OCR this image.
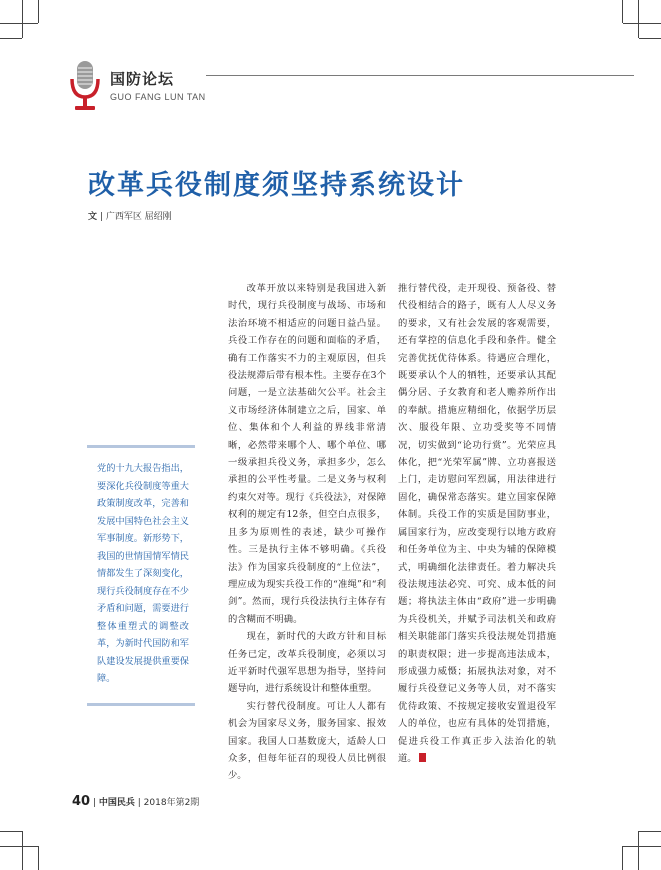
国防论坛
GUO FANG LUN TAN
改革兵役制度须坚持系统设计
文 | 广西军区 屈绍刚

党的十九大报告指出，要深化兵役制度等重大政策制度改革，完善和发展中国特色社会主义军事制度。新形势下，我国的世情国情军情民情都发生了深刻变化，现行兵役制度存在不少矛盾和问题，需要进行整体重塑式的调整改革，为新时代国防和军队建设发展提供重要保障。

改革开放以来特别是我国进入新时代，现行兵役制度与战场、市场和法治环境不相适应的问题日益凸显。兵役工作存在的问题和面临的矛盾，确有工作落实不力的主观原因，但兵役法规滞后带有根本性。主要存在3个问题，一是立法基础欠公平。社会主义市场经济体制建立之后，国家、单位、集体和个人利益的界线非常清晰，必然带来哪个人、哪个单位、哪一级承担兵役义务，承担多少，怎么承担的公平性考量。二是义务与权利约束欠对等。现行《兵役法》，对保障权利的规定有12条，但空白点很多，且多为原则性的表述，缺少可操作性。三是执行主体不够明确。《兵役法》作为国家兵役制度的“上位法”，理应成为现实兵役工作的“准绳”和“利剑”。然而，现行兵役法执行主体存有的含糊而不明确。

现在，新时代的大政方针和目标任务已定，改革兵役制度，必须以习近平新时代强军思想为指导，坚持问题导向，进行系统设计和整体重塑。

实行替代役制度。可让人人都有机会为国家尽义务，服务国家、报效国家。我国人口基数庞大，适龄人口众多，但每年征召的现役人员比例很少。

推行替代役，走开现役、预备役、替代役相结合的路子，既有人人尽义务的要求，又有社会发展的客观需要，还有掌控的信息化手段和条件。健全完善优抚优待体系。待遇应合理化，既要承认个人的牺牲，还要承认其配偶分居、子女教育和老人赡养所作出的奉献。措施应精细化，依据学历层次、服役年限、立功受奖等不同情况，切实做到“论功行赏”。光荣应具体化，把“光荣军属”牌、立功喜报送上门，走访慰问军烈属，用法律进行固化，确保常态落实。建立国家保障体制。兵役工作的实质是国防事业，属国家行为，应改变现行以地方政府和任务单位为主、中央为辅的保障模式，明确细化法律责任。着力解决兵役法规违法必究、可究、成本低的问题；将执法主体由“政府”进一步明确为兵役机关，并赋予司法机关和政府相关职能部门落实兵役法规处罚措施的职责权限；进一步提高违法成本，形成强力威慑；拓展执法对象，对不履行兵役登记义务等人员，对不落实优待政策、不按规定接收安置退役军人的单位，也应有具体的处罚措施，促进兵役工作真正步入法治化的轨道。

40 | 中国民兵 | 2018年第2期
